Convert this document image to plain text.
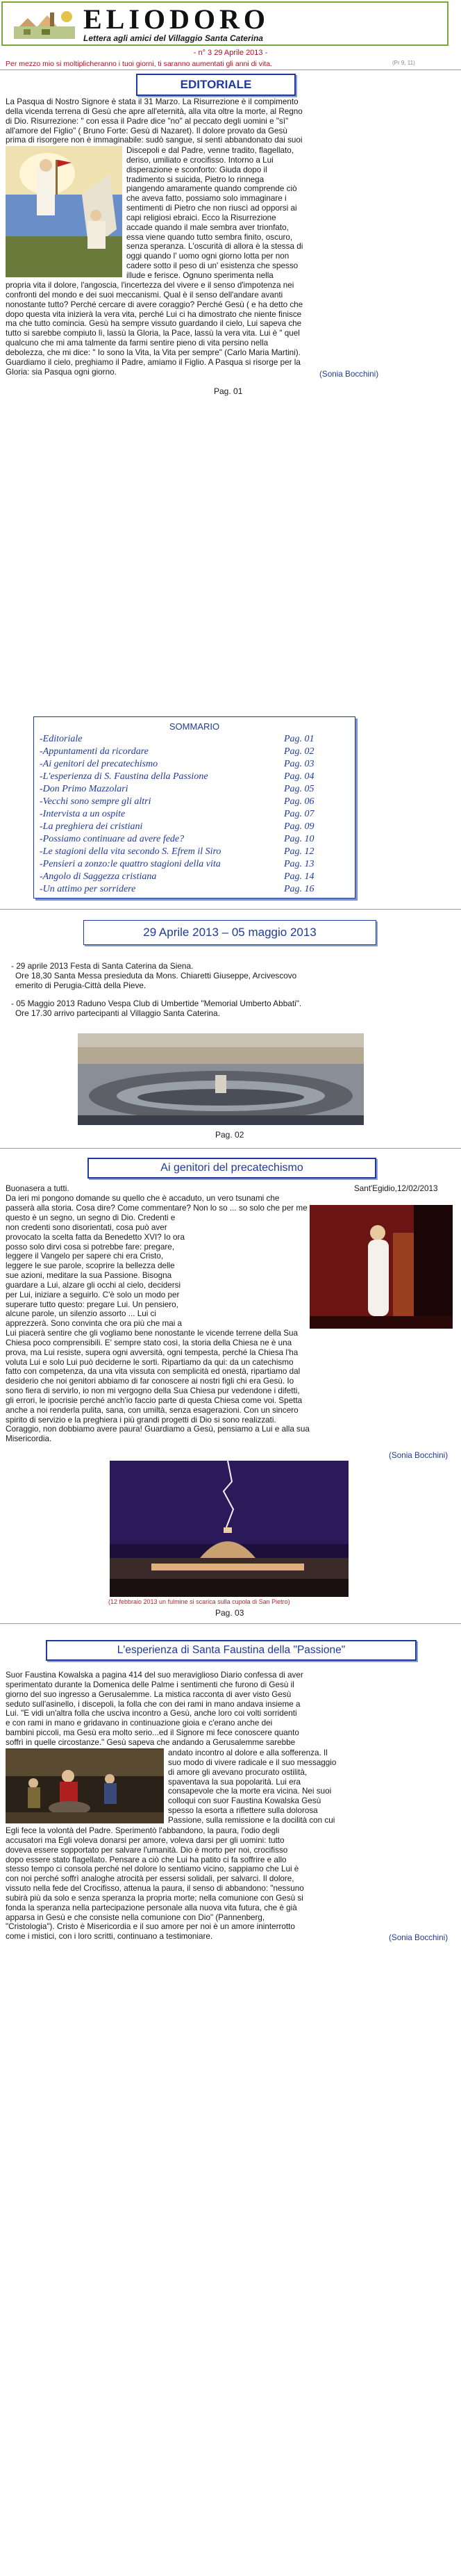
ELIODORO
Lettera agli amici del Villaggio Santa Caterina
- n° 3 29 Aprile 2013 -
Per mezzo mio si moltiplicheranno i tuoi giorni, ti saranno aumentati gli anni di vita.	(Pr 9, 11)
EDITORIALE
La Pasqua di Nostro Signore è stata il 31 Marzo. La Risurrezione è il compimento
della vicenda terrena di Gesù che apre all'eternità, alla vita oltre la morte, al Regno
di Dio. Risurrezione: " con essa il Padre dice "no" al peccato degli uomini e "sì"
all'amore del Figlio" ( Bruno Forte: Gesù di Nazaret). Il dolore provato da Gesù
prima di risorgere non è immaginabile: sudò sangue, si sentì abbandonato dai suoi
Discepoli e dal Padre, venne tradito, flagellato,
deriso, umiliato e crocifisso. Intorno a Lui
disperazione e sconforto: Giuda dopo il
tradimento si suicida, Pietro lo rinnega
piangendo amaramente quando comprende ciò
che aveva fatto, possiamo solo immaginare i
sentimenti di Pietro che non riuscì ad opporsi ai
capi religiosi ebraici. Ecco la Risurrezione
accade quando il male sembra aver trionfato,
essa viene quando tutto sembra finito, oscuro,
senza speranza. L'oscurità di allora è la stessa di
oggi quando l' uomo ogni giorno lotta per non
cadere sotto il peso di un' esistenza che spesso
illude e ferisce. Ognuno sperimenta nella
propria vita il dolore, l'angoscia, l'incertezza del vivere e il senso d'impotenza nei
confronti del mondo e dei suoi meccanismi. Qual è il senso dell'andare avanti
nonostante tutto? Perché cercare di avere coraggio? Perché Gesù ( e ha detto che
dopo questa vita inizierà la vera vita, perché Lui ci ha dimostrato che niente finisce
ma che tutto comincia. Gesù ha sempre vissuto guardando il cielo, Lui sapeva che
tutto si sarebbe compiuto lì, lassù la Gloria, la Pace, lassù la vera vita. Lui è " quel
qualcuno che mi ama talmente da farmi sentire pieno di vita persino nella
debolezza, che mi dice: " Io sono la Vita, la Vita per sempre" (Carlo Maria Martini).
Guardiamo il cielo, preghiamo il Padre, amiamo il Figlio. A Pasqua si risorge per la
Gloria: sia Pasqua ogni giorno.	(Sonia Bocchini)
Pag. 01
SOMMARIO
-Editoriale	Pag. 01
-Appuntamenti da ricordare	Pag. 02
-Ai genitori del precatechismo	Pag. 03
-L'esperienza di S. Faustina della Passione	Pag. 04
-Don Primo Mazzolari	Pag. 05
-Vecchi sono sempre gli altri	Pag. 06
-Intervista a un ospite	Pag. 07
-La preghiera dei cristiani	Pag. 09
-Possiamo continuare ad avere fede?	Pag. 10
-Le stagioni della vita secondo S. Efrem il Siro	Pag. 12
-Pensieri a zonzo:le quattro stagioni della vita	Pag. 13
-Angolo di Saggezza cristiana	Pag. 14
-Un attimo per sorridere	Pag. 16
29 Aprile 2013 – 05 maggio 2013
- 29 aprile 2013 Festa di Santa Caterina da Siena.
Ore 18,30 Santa Messa presieduta da Mons. Chiaretti Giuseppe, Arcivescovo
emerito di Perugia-Città della Pieve.
- 05 Maggio 2013 Raduno Vespa Club di Umbertide "Memorial Umberto Abbati".
Ore 17.30 arrivo partecipanti al Villaggio Santa Caterina.
Pag. 02
Ai genitori del precatechismo
Buonasera a tutti.	Sant'Egidio,12/02/2013
Da ieri mi pongono domande su quello che è accaduto, un vero tsunami che
passerà alla storia. Cosa dire? Come commentare? Non lo so ... so solo che per me
questo è un segno, un segno di Dio. Credenti e
non credenti sono disorientati, cosa può aver
provocato la scelta fatta da Benedetto XVI? Io ora
posso solo dirvi cosa si potrebbe fare: pregare,
leggere il Vangelo per sapere chi era Cristo,
leggere le sue parole, scoprire la bellezza delle
sue azioni, meditare la sua Passione. Bisogna
guardare a Lui, alzare gli occhi al cielo, decidersi
per Lui, iniziare a seguirlo. C'è solo un modo per
superare tutto questo: pregare Lui. Un pensiero,
alcune parole, un silenzio assorto ... Lui ci
apprezzerà. Sono convinta che ora più che mai a
Lui piacerà sentire che gli vogliamo bene nonostante le vicende terrene della Sua
Chiesa poco comprensibili. E' sempre stato così, la storia della Chiesa ne è una
prova, ma Lui resiste, supera ogni avversità, ogni tempesta, perché la Chiesa l'ha
voluta Lui e solo Lui può deciderne le sorti. Ripartiamo da qui: da un catechismo
fatto con competenza, da una vita vissuta con semplicità ed onestà, ripartiamo dal
desiderio che noi genitori abbiamo di far conoscere ai nostri figli chi era Gesù. Io
sono fiera di servirlo, io non mi vergogno della Sua Chiesa pur vedendone i difetti,
gli errori, le ipocrisie perché anch'io faccio parte di questa Chiesa come voi. Spetta
anche a noi renderla pulita, sana, con umiltà, senza esagerazioni. Con un sincero
spirito di servizio e la preghiera i più grandi progetti di Dio si sono realizzati.
Coraggio, non dobbiamo avere paura! Guardiamo a Gesù, pensiamo a Lui e alla sua
Misericordia.
(Sonia Bocchini)
(12 febbraio 2013 un fulmine si scarica sulla cupola di San Pietro)
Pag. 03
L'esperienza di Santa Faustina della "Passione"
Suor Faustina Kowalska a pagina 414 del suo meraviglioso Diario confessa di aver
sperimentato durante la Domenica delle Palme i sentimenti che furono di Gesù il
giorno del suo ingresso a Gerusalemme. La mistica racconta di aver visto Gesù
seduto sull'asinello, i discepoli, la folla che con dei rami in mano andava insieme a
Lui. "E vidi un'altra folla che usciva incontro a Gesù, anche loro coi volti sorridenti
e con rami in mano e gridavano in continuazione gioia e c'erano anche dei
bambini piccoli, ma Gesù era molto serio...ed il Signore mi fece conoscere quanto
soffrì in quelle circostanze." Gesù sapeva che andando a Gerusalemme sarebbe
andato incontro al dolore e alla sofferenza. Il
suo modo di vivere radicale e il suo messaggio
di amore gli avevano procurato ostilità,
spaventava la sua popolarità. Lui era
consapevole che la morte era vicina. Nei suoi
colloqui con suor Faustina Kowalska Gesù
spesso la esorta a riflettere sulla dolorosa
Passione, sulla remissione e la docilità con cui
Egli fece la volontà del Padre. Sperimentò l'abbandono, la paura, l'odio degli
accusatori ma Egli voleva donarsi per amore, voleva darsi per gli uomini: tutto
doveva essere sopportato per salvare l'umanità. Dio è morto per noi, crocifisso
dopo essere stato flagellato. Pensare a ciò che Lui ha patito ci fa soffrire e allo
stesso tempo ci consola perché nel dolore lo sentiamo vicino, sappiamo che Lui è
con noi perché soffrì analoghe atrocità per essersi solidali, per salvarci. Il dolore,
vissuto nella fede del Crocifisso, attenua la paura, il senso di abbandono: "nessuno
subirà più da solo e senza speranza la propria morte; nella comunione con Gesù si
fonda la speranza nella partecipazione personale alla nuova vita futura, che è già
apparsa in Gesù e che consiste nella comunione con Dio" (Pannenberg,
"Cristologia"). Cristo è Misericordia e il suo amore per noi è un amore ininterrotto
come i mistici, con i loro scritti, continuano a testimoniare.	(Sonia Bocchini)
